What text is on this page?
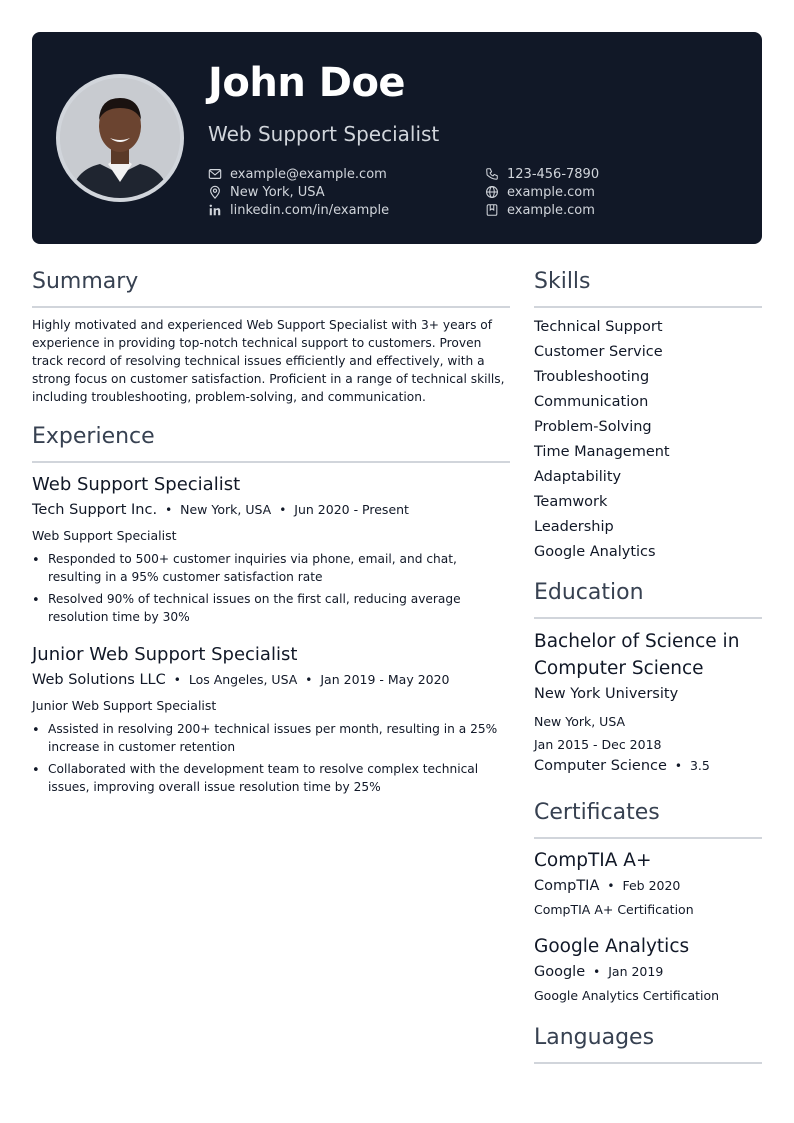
John Doe
Web Support Specialist
example@example.com
New York, USA
linkedin.com/in/example
123-456-7890
example.com
example.com
Summary
Highly motivated and experienced Web Support Specialist with 3+ years of experience in providing top-notch technical support to customers. Proven track record of resolving technical issues efficiently and effectively, with a strong focus on customer satisfaction. Proficient in a range of technical skills, including troubleshooting, problem-solving, and communication.
Experience
Web Support Specialist
Tech Support Inc. • New York, USA • Jun 2020 - Present
Web Support Specialist
• Responded to 500+ customer inquiries via phone, email, and chat, resulting in a 95% customer satisfaction rate
• Resolved 90% of technical issues on the first call, reducing average resolution time by 30%
Junior Web Support Specialist
Web Solutions LLC • Los Angeles, USA • Jan 2019 - May 2020
Junior Web Support Specialist
• Assisted in resolving 200+ technical issues per month, resulting in a 25% increase in customer retention
• Collaborated with the development team to resolve complex technical issues, improving overall issue resolution time by 25%
Skills
Technical Support
Customer Service
Troubleshooting
Communication
Problem-Solving
Time Management
Adaptability
Teamwork
Leadership
Google Analytics
Education
Bachelor of Science in Computer Science
New York University
New York, USA
Jan 2015 - Dec 2018
Computer Science • 3.5
Certificates
CompTIA A+
CompTIA • Feb 2020
CompTIA A+ Certification
Google Analytics
Google • Jan 2019
Google Analytics Certification
Languages
